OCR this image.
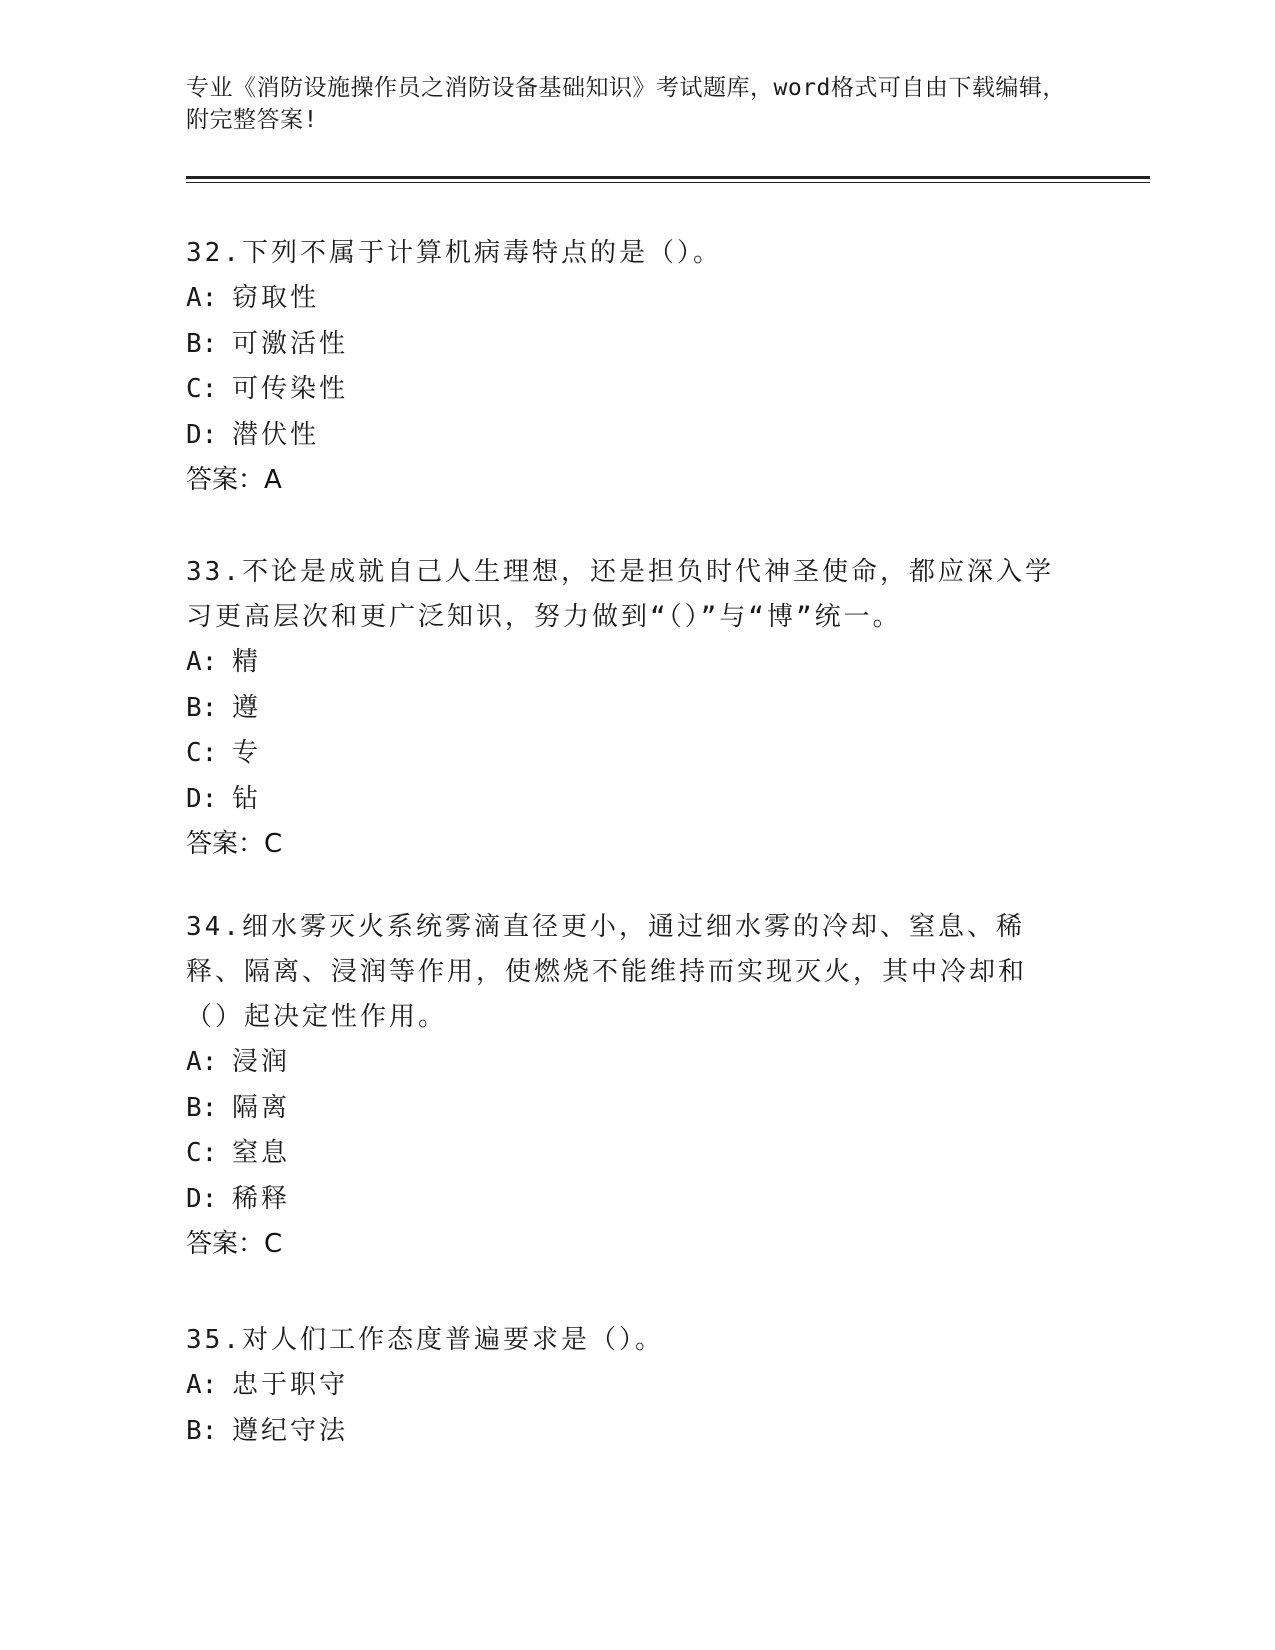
专业《消防设施操作员之消防设备基础知识》考试题库，word格式可自由下载编辑，附完整答案!

32.下列不属于计算机病毒特点的是（）。

A: 窃取性

B: 可激活性

C: 可传染性

D: 潜伏性

答案：A

33.不论是成就自己人生理想，还是担负时代神圣使命，都应深入学习更高层次和更广泛知识，努力做到“（）”与“博”统一。

A: 精

B: 遵

C: 专

D: 钻

答案：C

34.细水雾灭火系统雾滴直径更小，通过细水雾的冷却、窒息、稀释、隔离、浸润等作用，使燃烧不能维持而实现灭火，其中冷却和（）起决定性作用。

A: 浸润

B: 隔离

C: 窒息

D: 稀释

答案：C

35.对人们工作态度普遍要求是（）。

A: 忠于职守

B: 遵纪守法
